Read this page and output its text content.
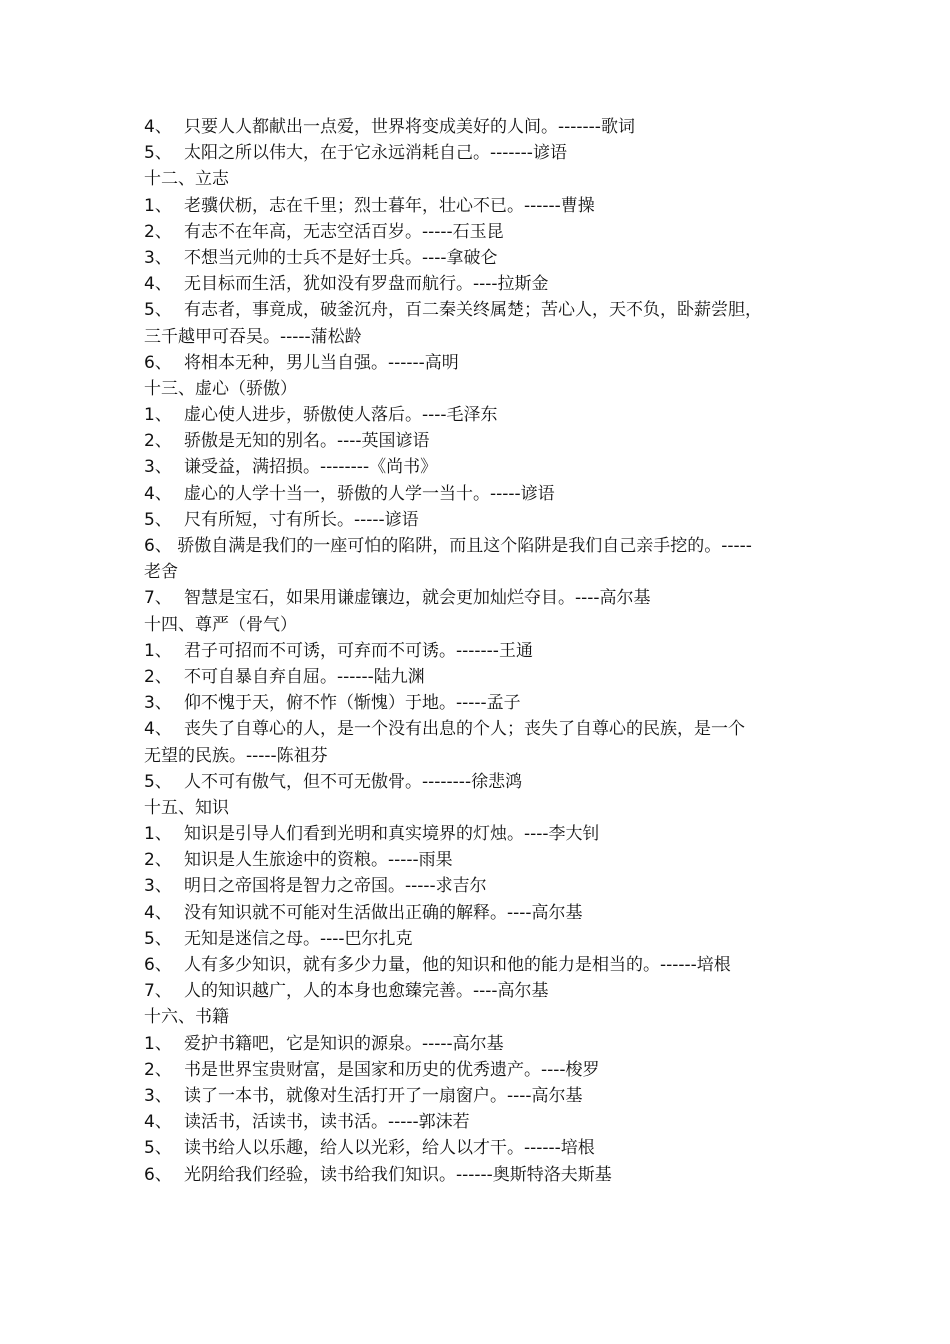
4、 只要人人都献出一点爱，世界将变成美好的人间。-------歌词
5、 太阳之所以伟大，在于它永远消耗自己。-------谚语
十二、立志
1、 老骥伏枥，志在千里；烈士暮年，壮心不已。------曹操
2、 有志不在年高，无志空活百岁。-----石玉昆
3、 不想当元帅的士兵不是好士兵。----拿破仑
4、 无目标而生活，犹如没有罗盘而航行。----拉斯金
5、 有志者，事竟成，破釜沉舟，百二秦关终属楚；苦心人，天不负，卧薪尝胆，
三千越甲可吞吴。-----蒲松龄
6、 将相本无种，男儿当自强。------高明
十三、虚心（骄傲）
1、 虚心使人进步，骄傲使人落后。----毛泽东
2、 骄傲是无知的别名。----英国谚语
3、 谦受益，满招损。--------《尚书》
4、 虚心的人学十当一，骄傲的人学一当十。-----谚语
5、 尺有所短，寸有所长。-----谚语
6、 骄傲自满是我们的一座可怕的陷阱，而且这个陷阱是我们自己亲手挖的。-----
老舍
7、 智慧是宝石，如果用谦虚镶边，就会更加灿烂夺目。----高尔基
十四、尊严（骨气）
1、 君子可招而不可诱，可弃而不可诱。-------王通
2、 不可自暴自弃自屈。------陆九渊
3、 仰不愧于天，俯不怍（惭愧）于地。-----孟子
4、 丧失了自尊心的人，是一个没有出息的个人；丧失了自尊心的民族，是一个
无望的民族。-----陈祖芬
5、 人不可有傲气，但不可无傲骨。--------徐悲鸿
十五、知识
1、 知识是引导人们看到光明和真实境界的灯烛。----李大钊
2、 知识是人生旅途中的资粮。-----雨果
3、 明日之帝国将是智力之帝国。-----求吉尔
4、 没有知识就不可能对生活做出正确的解释。----高尔基
5、 无知是迷信之母。----巴尔扎克
6、 人有多少知识，就有多少力量，他的知识和他的能力是相当的。------培根
7、 人的知识越广，人的本身也愈臻完善。----高尔基
十六、书籍
1、 爱护书籍吧，它是知识的源泉。-----高尔基
2、 书是世界宝贵财富，是国家和历史的优秀遗产。----梭罗
3、 读了一本书，就像对生活打开了一扇窗户。----高尔基
4、 读活书，活读书，读书活。-----郭沫若
5、 读书给人以乐趣，给人以光彩，给人以才干。------培根
6、 光阴给我们经验，读书给我们知识。------奥斯特洛夫斯基
